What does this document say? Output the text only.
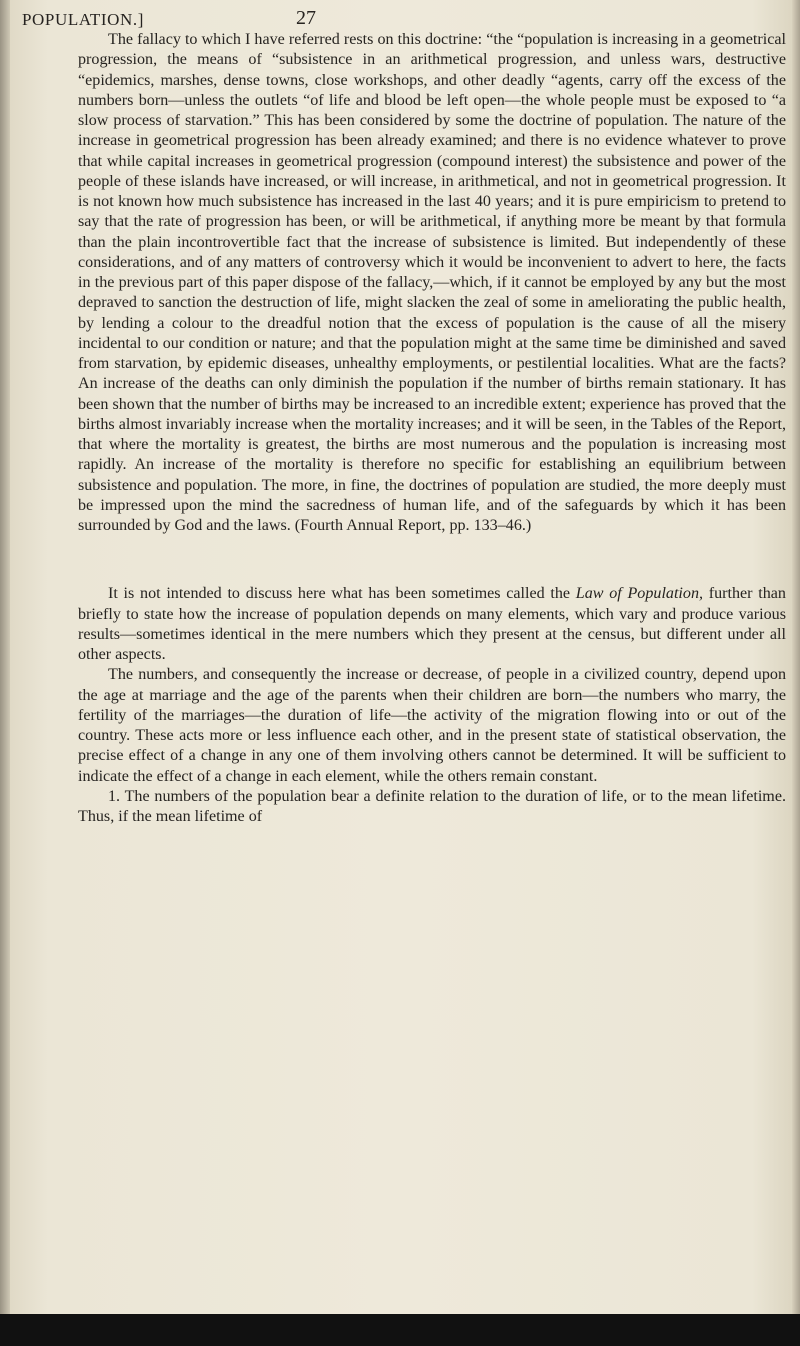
POPULATION.]	27

The fallacy to which I have referred rests on this doctrine: “the “population is increasing in a geometrical progression, the means of “subsistence in an arithmetical progression, and unless wars, destructive “epidemics, marshes, dense towns, close workshops, and other deadly “agents, carry off the excess of the numbers born—unless the outlets “of life and blood be left open—the whole people must be exposed to “a slow process of starvation.” This has been considered by some the doctrine of population. The nature of the increase in geometrical progression has been already examined; and there is no evidence whatever to prove that while capital increases in geometrical progression (compound interest) the subsistence and power of the people of these islands have increased, or will increase, in arithmetical, and not in geometrical progression. It is not known how much subsistence has increased in the last 40 years; and it is pure empiricism to pretend to say that the rate of progression has been, or will be arithmetical, if anything more be meant by that formula than the plain incontrovertible fact that the increase of subsistence is limited. But independently of these considerations, and of any matters of controversy which it would be inconvenient to advert to here, the facts in the previous part of this paper dispose of the fallacy,—which, if it cannot be employed by any but the most depraved to sanction the destruction of life, might slacken the zeal of some in ameliorating the public health, by lending a colour to the dreadful notion that the excess of population is the cause of all the misery incidental to our condition or nature; and that the population might at the same time be diminished and saved from starvation, by epidemic diseases, unhealthy employments, or pestilential localities. What are the facts? An increase of the deaths can only diminish the population if the number of births remain stationary. It has been shown that the number of births may be increased to an incredible extent; experience has proved that the births almost invariably increase when the mortality increases; and it will be seen, in the Tables of the Report, that where the mortality is greatest, the births are most numerous and the population is increasing most rapidly. An increase of the mortality is therefore no specific for establishing an equilibrium between subsistence and population. The more, in fine, the doctrines of population are studied, the more deeply must be impressed upon the mind the sacredness of human life, and of the safeguards by which it has been surrounded by God and the laws. (Fourth Annual Report, pp. 133–46.)

It is not intended to discuss here what has been sometimes called the Law of Population, further than briefly to state how the increase of population depends on many elements, which vary and produce various results—sometimes identical in the mere numbers which they present at the census, but different under all other aspects.

The numbers, and consequently the increase or decrease, of people in a civilized country, depend upon the age at marriage and the age of the parents when their children are born—the numbers who marry, the fertility of the marriages—the duration of life—the activity of the migration flowing into or out of the country. These acts more or less influence each other, and in the present state of statistical observation, the precise effect of a change in any one of them involving others cannot be determined. It will be sufficient to indicate the effect of a change in each element, while the others remain constant.

1. The numbers of the population bear a definite relation to the duration of life, or to the mean lifetime. Thus, if the mean lifetime of
